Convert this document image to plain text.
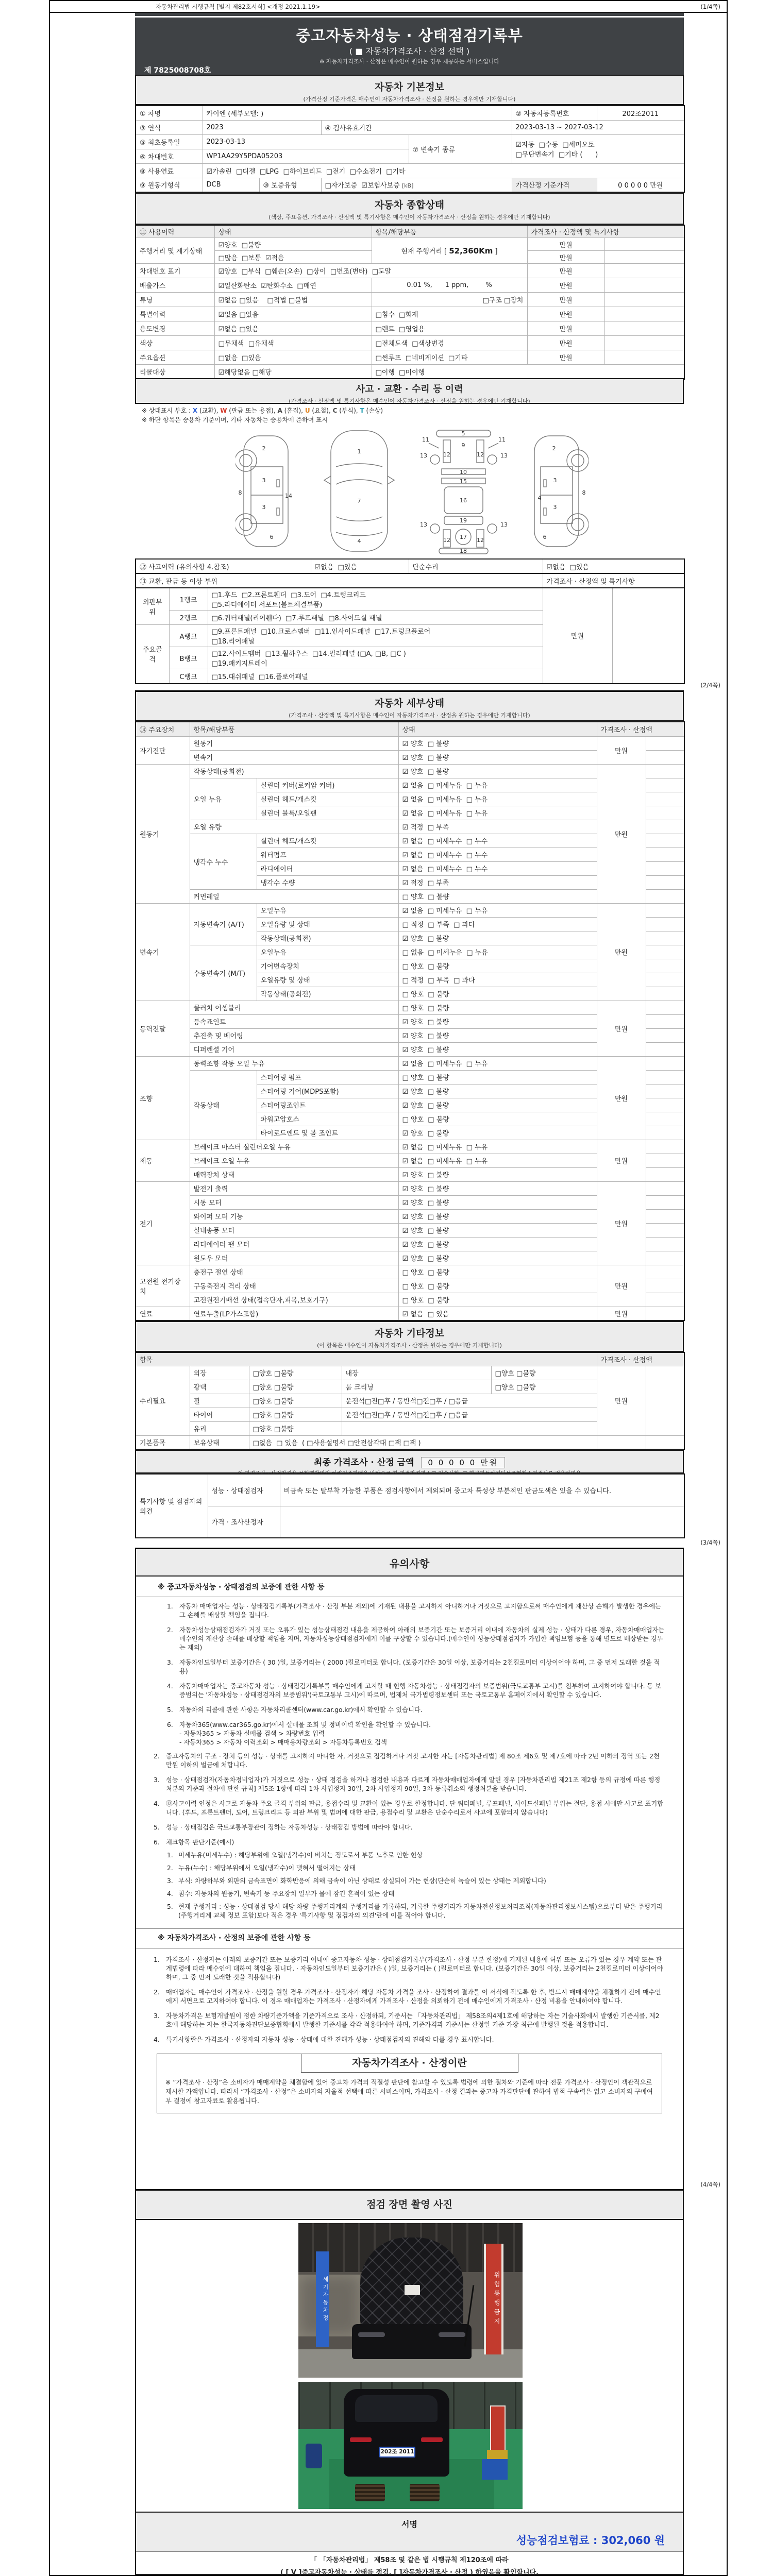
자동차관리법 시행규칙 [별지 제82호서식] <개정 2021.1.19>	(1/4쪽)
중고자동차성능 · 상태점검기록부
( ■ 자동차가격조사 · 산정 선택 )
※ 자동차가격조사 · 산정은 매수인이 원하는 경우 제공하는 서비스입니다
제 7825008708호
자동차 기본정보
(가격산정 기준가격은 매수인이 자동차가격조사 · 산정을 원하는 경우에만 기재합니다)
① 차명	카이엔 (세부모델: )				② 자동차등록번호	202조2011
③ 연식	2023		④ 검사유효기간		2023-03-13 ~ 2027-03-12	
⑤ 최초등록일	2023-03-13			⑦ 변속기 종류	☑자동  □수동  □세미오토
□무단변속기  □기타 (      )	

⑥ 차대번호	WP1AA29Y5PDA05203					
⑧ 사용연료	☑가솔린  □디젤  □LPG  □하이브리드  □전기  □수소전기  □기타					
⑨ 원동기형식	DCB	⑩ 보증유형	□자가보증  ☑보험사보증 [kB]		가격산정 기준가격	0 0 0 0 0 만원
자동차 종합상태
(색상, 주요옵션, 가격조사 · 산정액 및 특기사항은 매수인이 자동차가격조사 · 산정을 원하는 경우에만 기재합니다)
⑪ 사용이력	상태	항목/해당부품	가격조사 · 산정액 및 특기사항	
주행거리 및 계기상태	☑양호  □불량	현재 주행거리 [ 52,360Km ]	만원	
	□많음  □보통  ☑적음		만원	
차대번호 표기	☑양호  □부식  □훼손(오손)  □상이  □변조(변타)  □도말		만원	
배출가스	☑일산화탄소  ☑탄화수소  □매연	0.01 %,      1 ppm,        %	만원	
튜닝	☑없음 □있음    □적법 □불법	□구조 □장치	만원	
특별이력	☑없음 □있음	□침수  □화재	만원	
용도변경	☑없음 □있음	□렌트  □영업용	만원	
색상	□무채색  □유채색	□전체도색  □색상변경	만원	
주요옵션	□없음  □있음	□썬루프  □네비게이션  □기타	만원	
리콜대상	☑해당없음 □해당	□이행  □미이행		
사고 · 교환 · 수리 등 이력
(가격조사 · 산정액 및 특기사항은 매수인이 자동차가격조사 · 산정을 원하는 경우에만 기재합니다)
※ 상태표시 부호 : X (교환), W (판금 또는 용접), A (흠집), U (요철), C (부식), T (손상)
※ 하단 항목은 승용차 기준이며, 기타 자동차는 승용차에 준하여 표시
2
8
3
14
3
6
1
7
4
5
11
9
11
13	13
12	12
10
15
16
19
13	13
17
12	12
18
2
3
8
4
3
6
⑫ 사고이력 (유의사항 4.참조)	☑없음  □있음	단순수리	☑없음  □있음
⑬ 교환, 판금 등 이상 부위	가격조사 · 산정액 및 특기사항
외판부위	1랭크	□1.후드  □2.프론트휀더  □3.도어  □4.트렁크리드
□5.라디에이터 서포트(볼트체결부품)	만원	
	2랭크	□6.쿼터패널(리어휀다)  □7.루프패널  □8.사이드실 패널		
주요골격	A랭크	□9.프론트패널  □10.크로스멤버  □11.인사이드패널  □17.트렁크플로어
□18.리어패널		

	B랭크	□12.사이드멤버  □13.휠하우스  □14.필러패널 (□A, □B, □C )
□19.패키지트레이		

	C랭크	□15.대쉬패널  □16.플로어패널		
(2/4쪽)
자동차 세부상태
(가격조사 · 산정액 및 특기사항은 매수인이 자동차가격조사 · 산정을 원하는 경우에만 기재합니다)
⑭ 주요장치	항목/해당부품		상태	가격조사 · 산정액	
자기진단	원동기		☑ 양호  □ 불량	만원	
	변속기		☑ 양호  □ 불량		
원동기	작동상태(공회전)		☑ 양호  □ 불량	만원	
	오일 누유	실린더 커버(로커암 커버)	☑ 없음  □ 미세누유  □ 누유		
		실린더 헤드/개스킷	☑ 없음  □ 미세누유  □ 누유		
		실린더 블록/오일팬	☑ 없음  □ 미세누유  □ 누유		
	오일 유량		☑ 적정  □ 부족		
	냉각수 누수	실린더 헤드/개스킷	☑ 없음  □ 미세누수  □ 누수		
		워터펌프	☑ 없음  □ 미세누수  □ 누수		
		라디에이터	☑ 없음  □ 미세누수  □ 누수		
		냉각수 수량	☑ 적정  □ 부족		
	커먼레일		□ 양호  □ 불량		
변속기	자동변속기 (A/T)	오일누유	☑ 없음  □ 미세누유  □ 누유	만원	
		오일유량 및 상태	□ 적정  □ 부족  □ 과다		
		작동상태(공회전)	☑ 양호  □ 불량		
	수동변속기 (M/T)	오일누유	□ 없음  □ 미세누유  □ 누유		
		기어변속장치	□ 양호  □ 불량		
		오일유량 및 상태	□ 적정  □ 부족  □ 과다		
		작동상태(공회전)	□ 양호  □ 불량		
동력전달	클러치 어셈블리		□ 양호  □ 불량	만원	
	등속죠인트		☑ 양호  □ 불량		
	추진축 및 베어링		☑ 양호  □ 불량		
	디퍼렌셜 기어		☑ 양호  □ 불량		
조향	동력조향 작동 오일 누유		☑ 없음  □ 미세누유  □ 누유	만원	
	작동상태	스티어링 펌프	□ 양호  □ 불량		
		스티어링 기어(MDPS포함)	☑ 양호  □ 불량		
		스티어링조인트	☑ 양호  □ 불량		
		파워고압호스	□ 양호  □ 불량		
		타이로드엔드 및 볼 조인트	☑ 양호  □ 불량		
제동	브레이크 마스터 실린더오일 누유		☑ 없음  □ 미세누유  □ 누유	만원	
	브레이크 오일 누유		☑ 없음  □ 미세누유  □ 누유		
	배력장치 상태		☑ 양호  □ 불량		
전기	발전기 출력		☑ 양호  □ 불량	만원	
	시동 모터		☑ 양호  □ 불량		
	와이퍼 모터 기능		☑ 양호  □ 불량		
	실내송풍 모터		☑ 양호  □ 불량		
	라디에이터 팬 모터		☑ 양호  □ 불량		
	윈도우 모터		☑ 양호  □ 불량		
고전원 전기장치	충전구 절연 상태		□ 양호  □ 불량	만원	
	구동축전지 격리 상태		□ 양호  □ 불량		
	고전원전기배선 상태(접속단자,피복,보호기구)		□ 양호  □ 불량		
연료	연료누출(LP가스포함)		☑ 없음  □ 있음	만원	
자동차 기타정보
(이 항목은 매수인이 자동차가격조사 · 산정을 원하는 경우에만 기재합니다)
항목					가격조사 · 산정액	
수리필요	외장	□양호 □불량	내장	□양호 □불량	만원	
	광택	□양호 □불량	룸 크리닝	□양호 □불량		
	휠	□양호 □불량	운전석□전□후 / 동반석□전□후 / □응급			
	타이어	□양호 □불량	운전석□전□후 / 동반석□전□후 / □응급			
	유리	□양호 □불량				
기본품목	보유상태	□없음  □ 있음  ( □사용설명서 □안전삼각대 □잭 □잭 )				
최종 가격조사 · 산정 금액 0 0 0 0 0 만원
특기사항 및 점검자의 의견	성능 · 상태점검자	비금속 또는 탈부착 가능한 부품은 점검사항에서 제외되며 중고차 특성상 부분적인 판금도색은 있을 수 있습니다.
	가격 · 조사산정자	
(3/4쪽)
유의사항
※ 중고자동차성능 · 상태점검의 보증에 관한 사항 등

1. 자동차 매매업자는 성능 · 상태점검기록부(가격조사 · 산정 부분 제외)에 기재된 내용을 고지하지 아니하거나 거짓으로 고지함으로써 매수인에게 재산상 손해가 발생한 경우에는 그 손해를 배상할 책임을 집니다.

2. 자동차성능상태점검자가 거짓 또는 오류가 있는 성능상태점검 내용을 제공하여 아래의 보증기간 또는 보증거리 이내에 자동차의 실제 성능 · 상태가 다른 경우, 자동차매매업자는 매수인의 재산상 손해를 배상할 책임을 지며, 자동차성능상태점검자에게 이를 구상할 수 있습니다.(매수인이 성능상태점검자가 가입한 책임보험 등을 통해 별도로 배상받는 경우는 제외)

3. 자동차인도일부터 보증기간은 ( 30 )일, 보증거리는 ( 2000 )킬로미터로 합니다. (보증기간은 30일 이상, 보증거리는 2천킬로미터 이상이어야 하며, 그 중 먼저 도래한 것을 적용)

4. 자동차매매업자는 중고자동차 성능 · 상태점검기록부를 매수인에게 고지할 때 현행 자동차성능 · 상태점검자의 보증범위(국토교통부 고시)를 첨부하여 고지하여야 합니다. 동 보증범위는 '자동차성능 · 상태점검자의 보증범위'(국토교통부 고시)에 따르며, 법제처 국가법령정보센터 또는 국토교통부 홈페이지에서 확인할 수 있습니다.

5. 자동차의 리콜에 관한 사항은 자동차리콜센터(www.car.go.kr)에서 확인할 수 있습니다.

6. 자동차365(www.car365.go.kr)에서 실매물 조회 및 정비이력 확인을 확인할 수 있습니다.
- 자동차365 > 자동차 실매물 검색 > 차량번호 입력
- 자동차365 > 자동차 이력조회 > 매매용차량조회 > 자동차등록번호 검색

2. 중고자동차의 구조 · 장치 등의 성능 · 상태를 고지하지 아니한 자, 거짓으로 점검하거나 거짓 고지한 자는 [자동차관리법] 제 80조 제6호 및 제7호에 따라 2년 이하의 징역 또는 2천만원 이하의 벌금에 처합니다.

3. 성능 · 상태점검자(자동차정비업자)가 거짓으로 성능 · 상태 점검을 하거나 점검한 내용과 다르게 자동차매매업자에게 알린 경우 [자동차관리법 제21조 제2항 등의 규정에 따른 행정처분의 기준과 절차에 관한 규칙] 제5조 1항에 따라 1차 사업정지 30일, 2차 사업정지 90일, 3차 등록취소의 행정처분을 받습니다.

4. ⑫사고이력 인정은 사고로 자동차 주요 골격 부위의 판금, 용접수리 및 교환이 있는 경우로 한정합니다. 단 쿼터패널, 루프패널, 사이드실패널 부위는 절단, 용접 시에만 사고로 표기합니다. (후드, 프론트펜더, 도어, 트렁크리드 등 외판 부위 및 범퍼에 대한 판금, 용접수리 및 교환은 단순수리로서 사고에 포함되지 않습니다)

5. 성능 · 상태점검은 국토교통부장관이 정하는 자동차성능 · 상태점검 방법에 따라야 합니다.

6. 체크항목 판단기준(예시)

1. 미세누유(미세누수) : 해당부위에 오일(냉각수)이 비치는 정도로서 부품 노후로 인한 현상

2. 누유(누수) : 해당부위에서 오일(냉각수)이 맺혀서 떨어지는 상태

3. 부식: 차량하부와 외판의 금속표면이 화학반응에 의해 금속이 아닌 상태로 상실되어 가는 현상(단순히 녹슬어 있는 상태는 제외합니다)

4. 침수: 자동차의 원동기, 변속기 등 주요장치 일부가 물에 잠긴 흔적이 있는 상태

5. 현재 주행거리 : 성능 · 상태점검 당시 해당 차량 주행거리계의 주행거리를 기록하되, 기록한 주행거리가 자동차전산정보처리조직(자동차관리정보시스템)으로부터 받은 주행거리(주행거리계 교체 정보 포함)보다 적은 경우 '특기사항 및 점검자의 의견'란에 이를 적어야 합니다.

※ 자동차가격조사 · 산정의 보증에 관한 사항 등

1. 가격조사 · 산정자는 아래의 보증기간 또는 보증거리 이내에 중고자동차 성능 · 상태점검기록부(가격조사 · 산정 부분 한정)에 기재된 내용에 허위 또는 오류가 있는 경우 계약 또는 관계법령에 따라 매수인에 대하여 책임을 집니다. · 자동차인도일부터 보증기간은 ( )일, 보증거리는 ( )킬로미터로 합니다. (보증기간은 30일 이상, 보증거리는 2천킬로미터 이상이어야 하며, 그 중 먼저 도래한 것을 적용합니다)

2. 매매업자는 매수인이 가격조사 · 산정을 원할 경우 가격조사 · 산정자가 해당 자동차 가격을 조사 · 산정하여 결과를 이 서식에 적도록 한 후, 반드시 매매계약을 체결하기 전에 매수인에게 서면으로 고지하여야 합니다. 이 경우 매매업자는 가격조사 · 산정자에게 가격조사 · 산정을 의뢰하기 전에 매수인에게 가격조사 · 산정 비용을 안내하여야 합니다.

3. 자동차가격은 보험개발원이 정한 차량기준가액을 기준가격으로 조사 · 산정하되, 기준서는 「자동차관리법」 제58조의4제1호에 해당하는 자는 기술사회에서 발행한 기준서를, 제2호에 해당하는 자는 한국자동차진단보증협회에서 발행한 기준서를 각각 적용하여야 하며, 기준가격과 기준서는 산정일 기준 가장 최근에 발행된 것을 적용합니다.

4. 특기사항란은 가격조사 · 산정자의 자동차 성능 · 상태에 대한 견해가 성능 · 상태점검자의 견해와 다를 경우 표시합니다.

자동차가격조사 · 산정이란
※ “가격조사 · 산정”은 소비자가 매매계약을 체결함에 있어 중고차 가격의 적절성 판단에 참고할 수 있도록 법령에 의한 절차와 기준에 따라 전문 가격조사 · 산정인이 객관적으로 제시한 가액입니다. 따라서 “가격조사 · 산정”은 소비자의 자율적 선택에 따른 서비스이며, 가격조사 · 산정 결과는 중고차 가격판단에 관하여 법적 구속력은 없고 소비자의 구매여부 결정에 참고자료로 활용됩니다.
(4/4쪽)
점검 장면 촬영 사진
세기자동차정	위험통행금지
202조 2011
서명
성능점검보험료 : 302,060 원
「 「자동차관리법」 제58조 및 같은 법 시행규칙 제120조에 따라
( [ V ]중고자동차성능 · 상태를 점검, [ ]자동차가격조사 · 산정 ) 하였음을 확인합니다.
